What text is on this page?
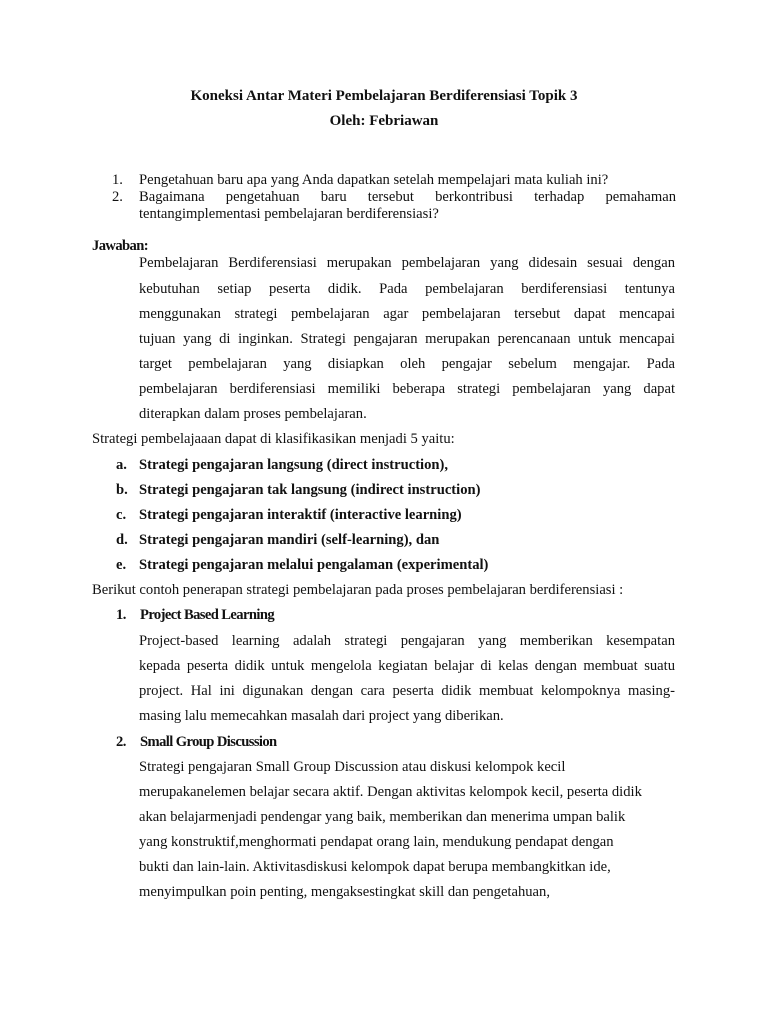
Koneksi Antar Materi Pembelajaran Berdiferensiasi Topik 3
Oleh: Febriawan
1. Pengetahuan baru apa yang Anda dapatkan setelah mempelajari mata kuliah ini?
2. Bagaimana pengetahuan baru tersebut berkontribusi terhadap pemahaman
tentangimplementasi pembelajaran berdiferensiasi?
Jawaban:
Pembelajaran Berdiferensiasi merupakan pembelajaran yang didesain sesuai dengan
kebutuhan setiap peserta didik. Pada pembelajaran berdiferensiasi tentunya
menggunakan strategi pembelajaran agar pembelajaran tersebut dapat mencapai
tujuan yang di inginkan. Strategi pengajaran merupakan perencanaan untuk mencapai
target pembelajaran yang disiapkan oleh pengajar sebelum mengajar. Pada
pembelajaran berdiferensiasi memiliki beberapa strategi pembelajaran yang dapat
diterapkan dalam proses pembelajaran.
Strategi pembelajaaan dapat di klasifikasikan menjadi 5 yaitu:
a. Strategi pengajaran langsung (direct instruction),
b. Strategi pengajaran tak langsung (indirect instruction)
c. Strategi pengajaran interaktif (interactive learning)
d. Strategi pengajaran mandiri (self-learning), dan
e. Strategi pengajaran melalui pengalaman (experimental)
Berikut contoh penerapan strategi pembelajaran pada proses pembelajaran berdiferensiasi :
1. Project Based Learning
Project-based learning adalah strategi pengajaran yang memberikan kesempatan
kepada peserta didik untuk mengelola kegiatan belajar di kelas dengan membuat suatu
project. Hal ini digunakan dengan cara peserta didik membuat kelompoknya masing-
masing lalu memecahkan masalah dari project yang diberikan.
2. Small Group Discussion
Strategi pengajaran Small Group Discussion atau diskusi kelompok kecil
merupakanelemen belajar secara aktif. Dengan aktivitas kelompok kecil, peserta didik
akan belajarmenjadi pendengar yang baik, memberikan dan menerima umpan balik
yang konstruktif,menghormati pendapat orang lain, mendukung pendapat dengan
bukti dan lain-lain. Aktivitasdiskusi kelompok dapat berupa membangkitkan ide,
menyimpulkan poin penting, mengaksestingkat skill dan pengetahuan,
